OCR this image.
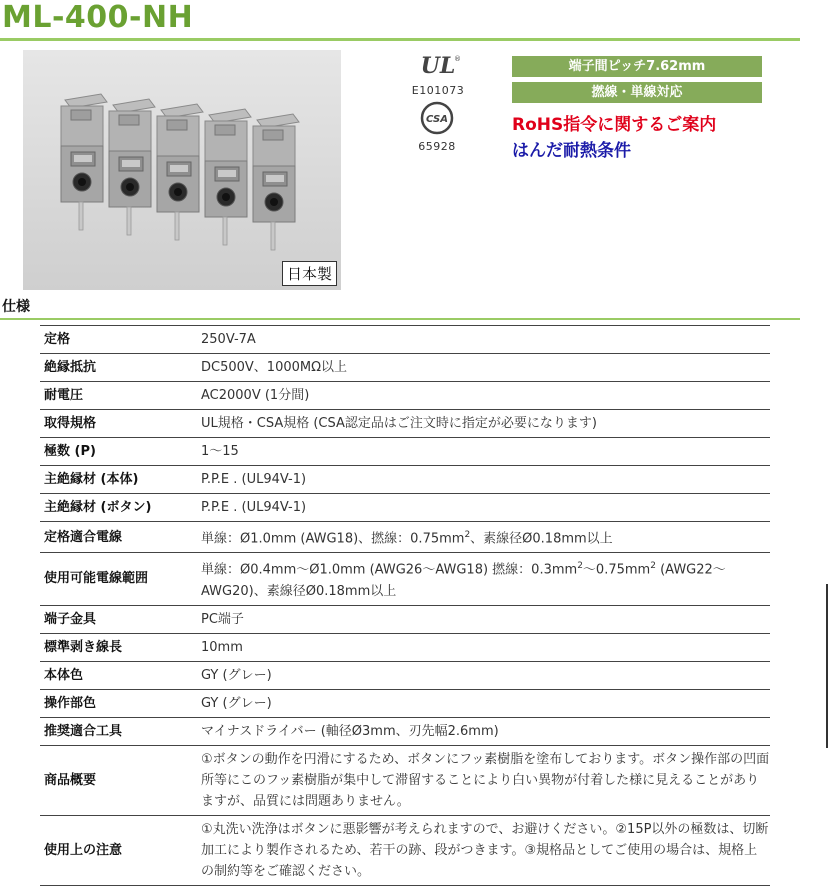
ML-400-NH
日本製
UL
®
E101073
CSA
65928
端子間ピッチ7.62mm
撚線・単線対応
RoHS指令に関するご案内
はんだ耐熱条件
仕様
定格	250V-7A
絶縁抵抗	DC500V、1000MΩ以上
耐電圧	AC2000V (1分間)
取得規格	UL規格・CSA規格 (CSA認定品はご注文時に指定が必要になります)
極数 (P)	1～15
主絶縁材 (本体)	P.P.E . (UL94V-1)
主絶縁材 (ボタン)	P.P.E . (UL94V-1)
定格適合電線	単線：Ø1.0mm (AWG18)、撚線：$0.75mm^2$、素線径Ø0.18mm以上
使用可能電線範囲	単線：Ø0.4mm～Ø1.0mm (AWG26～AWG18) 撚線：$0.3mm^2\sim 0.75mm^2$ (AWG22～AWG20)、素線径Ø0.18mm以上
端子金具	PC端子
標準剥き線長	10mm
本体色	GY (グレー)
操作部色	GY (グレー)
推奨適合工具	マイナスドライバー (軸径Ø3mm、刃先幅2.6mm)
商品概要	①ボタンの動作を円滑にするため、ボタンにフッ素樹脂を塗布しております。ボタン操作部の凹面所等にこのフッ素樹脂が集中して滞留することにより白い異物が付着した様に見えることがありますが、品質には問題ありません。
使用上の注意	①丸洗い洗浄はボタンに悪影響が考えられますので、お避けください。②15P以外の極数は、切断加工により製作されるため、若干の跡、段がつきます。③規格品としてご使用の場合は、規格上の制約等をご確認ください。
